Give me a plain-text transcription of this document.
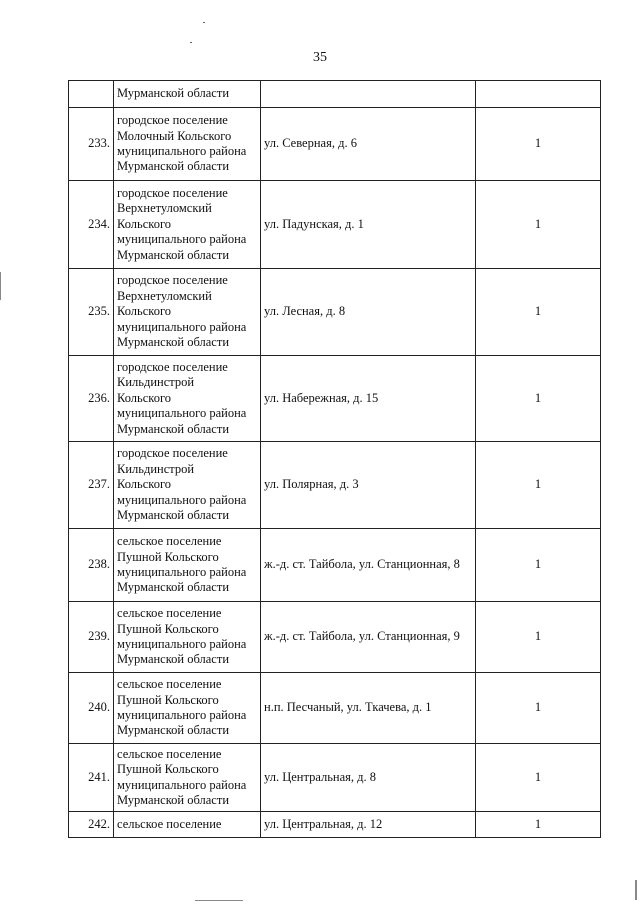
35

	Мурманской области		

233.	городское поселение
Молочный Кольского
муниципального района
Мурманской области	ул. Северная, д. 6	1
234.	городское поселение
Верхнетуломский
Кольского
муниципального района
Мурманской области	ул. Падунская, д. 1	1
235.	городское поселение
Верхнетуломский
Кольского
муниципального района
Мурманской области	ул. Лесная, д. 8	1
236.	городское поселение
Кильдинстрой
Кольского
муниципального района
Мурманской области	ул. Набережная, д. 15	1
237.	городское поселение
Кильдинстрой
Кольского
муниципального района
Мурманской области	ул. Полярная, д. 3	1
238.	сельское поселение
Пушной Кольского
муниципального района
Мурманской области	ж.-д. ст. Тайбола, ул. Станционная, 8	1
239.	сельское поселение
Пушной Кольского
муниципального района
Мурманской области	ж.-д. ст. Тайбола, ул. Станционная, 9	1
240.	сельское поселение
Пушной Кольского
муниципального района
Мурманской области	н.п. Песчаный, ул. Ткачева, д. 1	1
241.	сельское поселение
Пушной Кольского
муниципального района
Мурманской области	ул. Центральная, д. 8	1
242.	сельское поселение	ул. Центральная, д. 12	1
